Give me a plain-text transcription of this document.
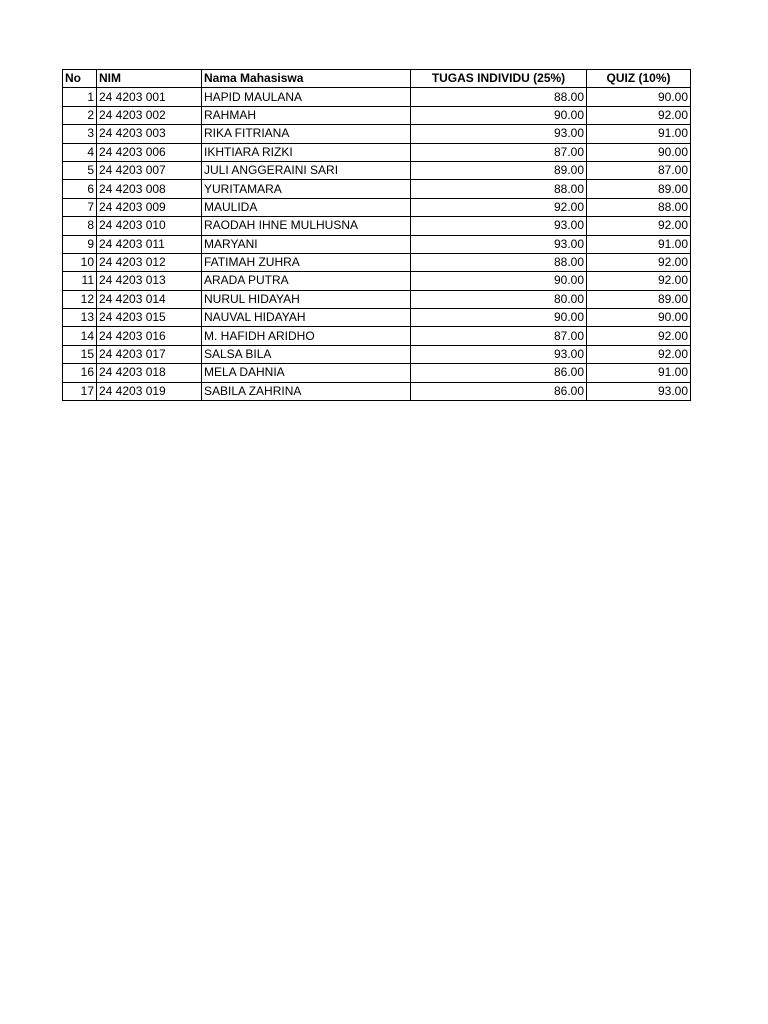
No	NIM	Nama Mahasiswa	TUGAS INDIVIDU (25%)	QUIZ (10%)
1	24 4203 001	HAPID MAULANA	88.00	90.00
2	24 4203 002	RAHMAH	90.00	92.00
3	24 4203 003	RIKA FITRIANA	93.00	91.00
4	24 4203 006	IKHTIARA RIZKI	87.00	90.00
5	24 4203 007	JULI ANGGERAINI SARI	89.00	87.00
6	24 4203 008	YURITAMARA	88.00	89.00
7	24 4203 009	MAULIDA	92.00	88.00
8	24 4203 010	RAODAH IHNE MULHUSNA	93.00	92.00
9	24 4203 011	MARYANI	93.00	91.00
10	24 4203 012	FATIMAH ZUHRA	88.00	92.00
11	24 4203 013	ARADA PUTRA	90.00	92.00
12	24 4203 014	NURUL HIDAYAH	80.00	89.00
13	24 4203 015	NAUVAL HIDAYAH	90.00	90.00
14	24 4203 016	M. HAFIDH ARIDHO	87.00	92.00
15	24 4203 017	SALSA BILA	93.00	92.00
16	24 4203 018	MELA DAHNIA	86.00	91.00
17	24 4203 019	SABILA ZAHRINA	86.00	93.00
